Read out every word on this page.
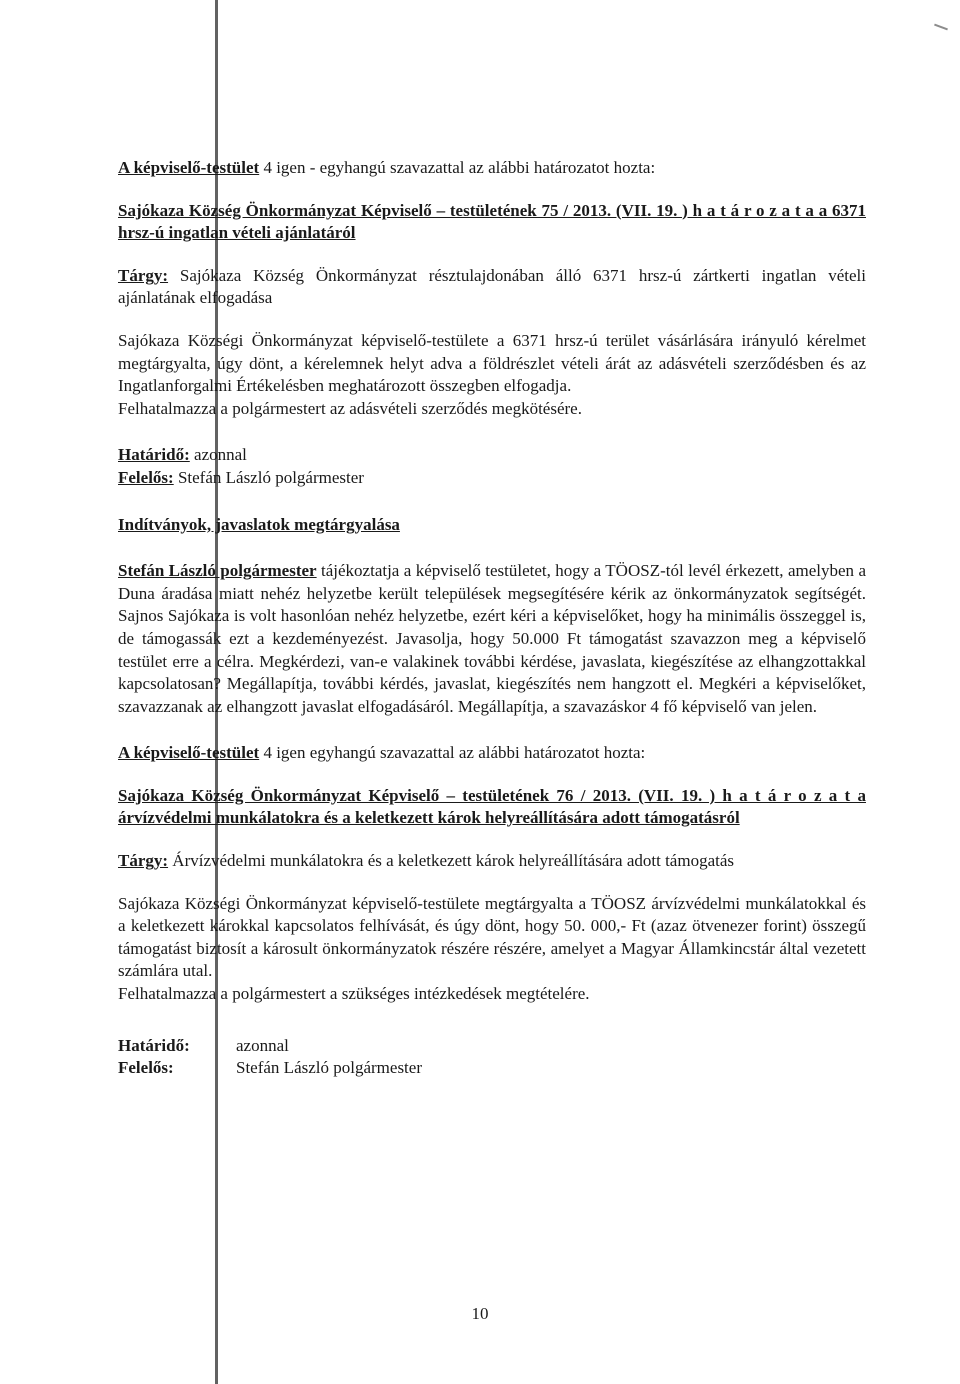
A képviselő-testület 4 igen - egyhangú szavazattal az alábbi határozatot hozta:

Sajókaza Község Önkormányzat Képviselő – testületének 75 / 2013. (VII. 19. ) h a t á r o z a t a a 6371 hrsz-ú ingatlan vételi ajánlatáról

Tárgy: Sajókaza Község Önkormányzat résztulajdonában álló 6371 hrsz-ú zártkerti ingatlan vételi ajánlatának elfogadása

Sajókaza Községi Önkormányzat képviselő-testülete a 6371 hrsz-ú terület vásárlására irányuló kérelmet megtárgyalta, úgy dönt, a kérelemnek helyt adva a földrészlet vételi árát az adásvételi szerződésben és az Ingatlanforgalmi Értékelésben meghatározott összegben elfogadja.

Felhatalmazza a polgármestert az adásvételi szerződés megkötésére.

Határidő: azonnal

Felelős: Stefán László polgármester

Indítványok, javaslatok megtárgyalása

Stefán László polgármester tájékoztatja a képviselő testületet, hogy a TÖOSZ-tól levél érkezett, amelyben a Duna áradása miatt nehéz helyzetbe került települések megsegítésére kérik az önkormányzatok segítségét. Sajnos Sajókaza is volt hasonlóan nehéz helyzetbe, ezért kéri a képviselőket, hogy ha minimális összeggel is, de támogassák ezt a kezdeményezést. Javasolja, hogy 50.000 Ft támogatást szavazzon meg a képviselő testület erre a célra. Megkérdezi, van-e valakinek további kérdése, javaslata, kiegészítése az elhangzottakkal kapcsolatosan? Megállapítja, további kérdés, javaslat, kiegészítés nem hangzott el. Megkéri a képviselőket, szavazzanak az elhangzott javaslat elfogadásáról. Megállapítja, a szavazáskor 4 fő képviselő van jelen.

A képviselő-testület 4 igen egyhangú szavazattal az alábbi határozatot hozta:

Sajókaza Község Önkormányzat Képviselő – testületének 76 / 2013. (VII. 19. ) h a t á r o z a t a árvízvédelmi munkálatokra és a keletkezett károk helyreállítására adott támogatásról

Tárgy: Árvízvédelmi munkálatokra és a keletkezett károk helyreállítására adott támogatás

Sajókaza Községi Önkormányzat képviselő-testülete megtárgyalta a TÖOSZ árvízvédelmi munkálatokkal és a keletkezett károkkal kapcsolatos felhívását, és úgy dönt, hogy 50. 000,- Ft (azaz ötvenezer forint) összegű támogatást biztosít a károsult önkormányzatok részére részére, amelyet a Magyar Államkincstár által vezetett számlára utal.

Felhatalmazza a polgármestert a szükséges intézkedések megtételére.

Határidő:	azonnal
Felelős:	Stefán László polgármester
10
